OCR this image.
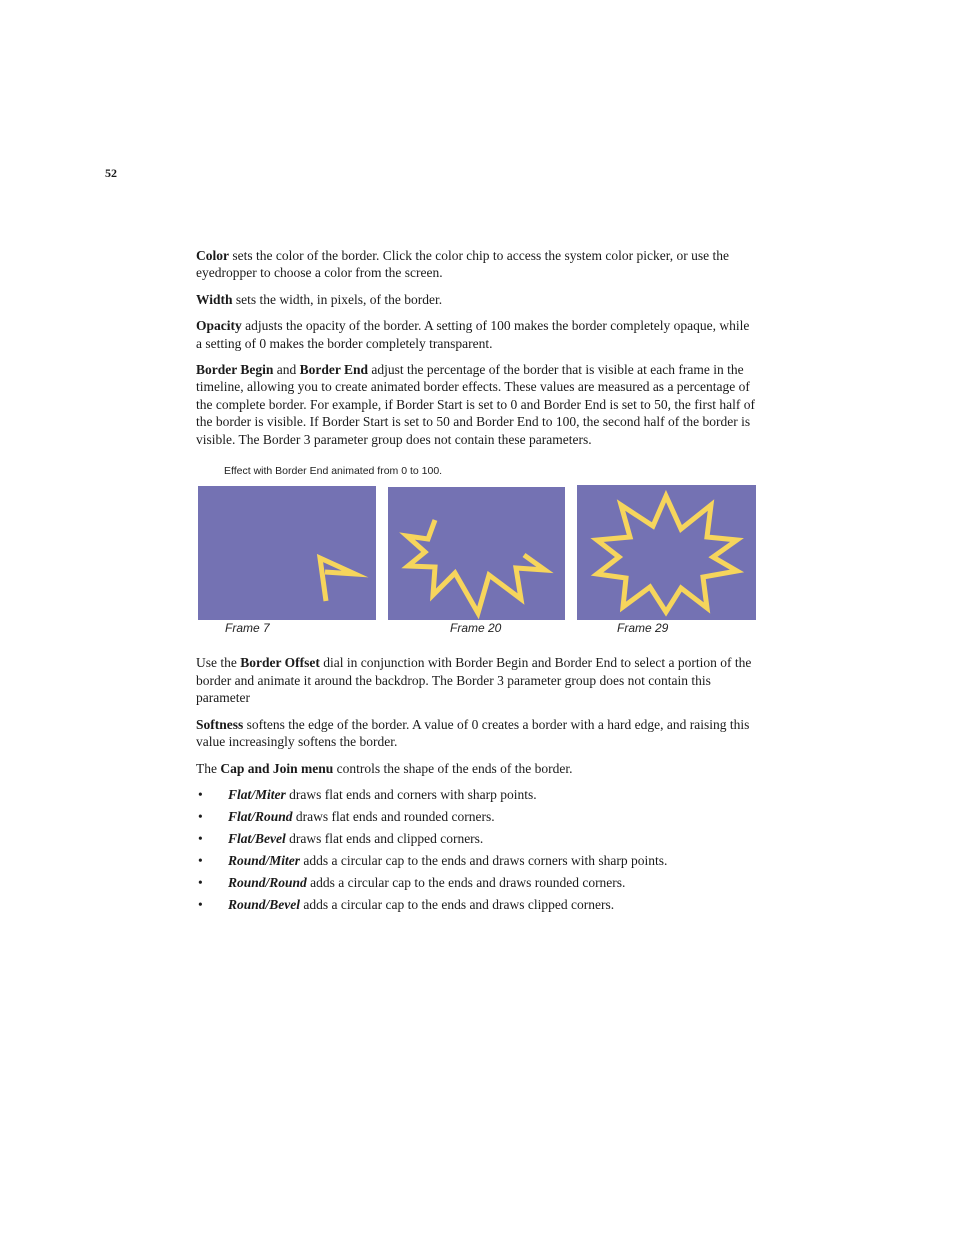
52

Color sets the color of the border. Click the color chip to access the system color picker, or use the eyedropper to choose a color from the screen.

Width sets the width, in pixels, of the border.

Opacity adjusts the opacity of the border. A setting of 100 makes the border completely opaque, while a setting of 0 makes the border completely transparent.

Border Begin and Border End adjust the percentage of the border that is visible at each frame in the timeline, allowing you to create animated border effects. These values are measured as a percentage of the complete border. For example, if Border Start is set to 0 and Border End is set to 50, the first half of the border is visible. If Border Start is set to 50 and Border End to 100, the second half of the border is visible. The Border 3 parameter group does not contain these parameters.

Effect with Border End animated from 0 to 100.
Frame 7	Frame 20	Frame 29

Use the Border Offset dial in conjunction with Border Begin and Border End to select a portion of the border and animate it around the backdrop. The Border 3 parameter group does not contain this parameter

Softness softens the edge of the border. A value of 0 creates a border with a hard edge, and raising this value increasingly softens the border.

The Cap and Join menu controls the shape of the ends of the border.

• Flat/Miter draws flat ends and corners with sharp points.
• Flat/Round draws flat ends and rounded corners.
• Flat/Bevel draws flat ends and clipped corners.
• Round/Miter adds a circular cap to the ends and draws corners with sharp points.
• Round/Round adds a circular cap to the ends and draws rounded corners.
• Round/Bevel adds a circular cap to the ends and draws clipped corners.
